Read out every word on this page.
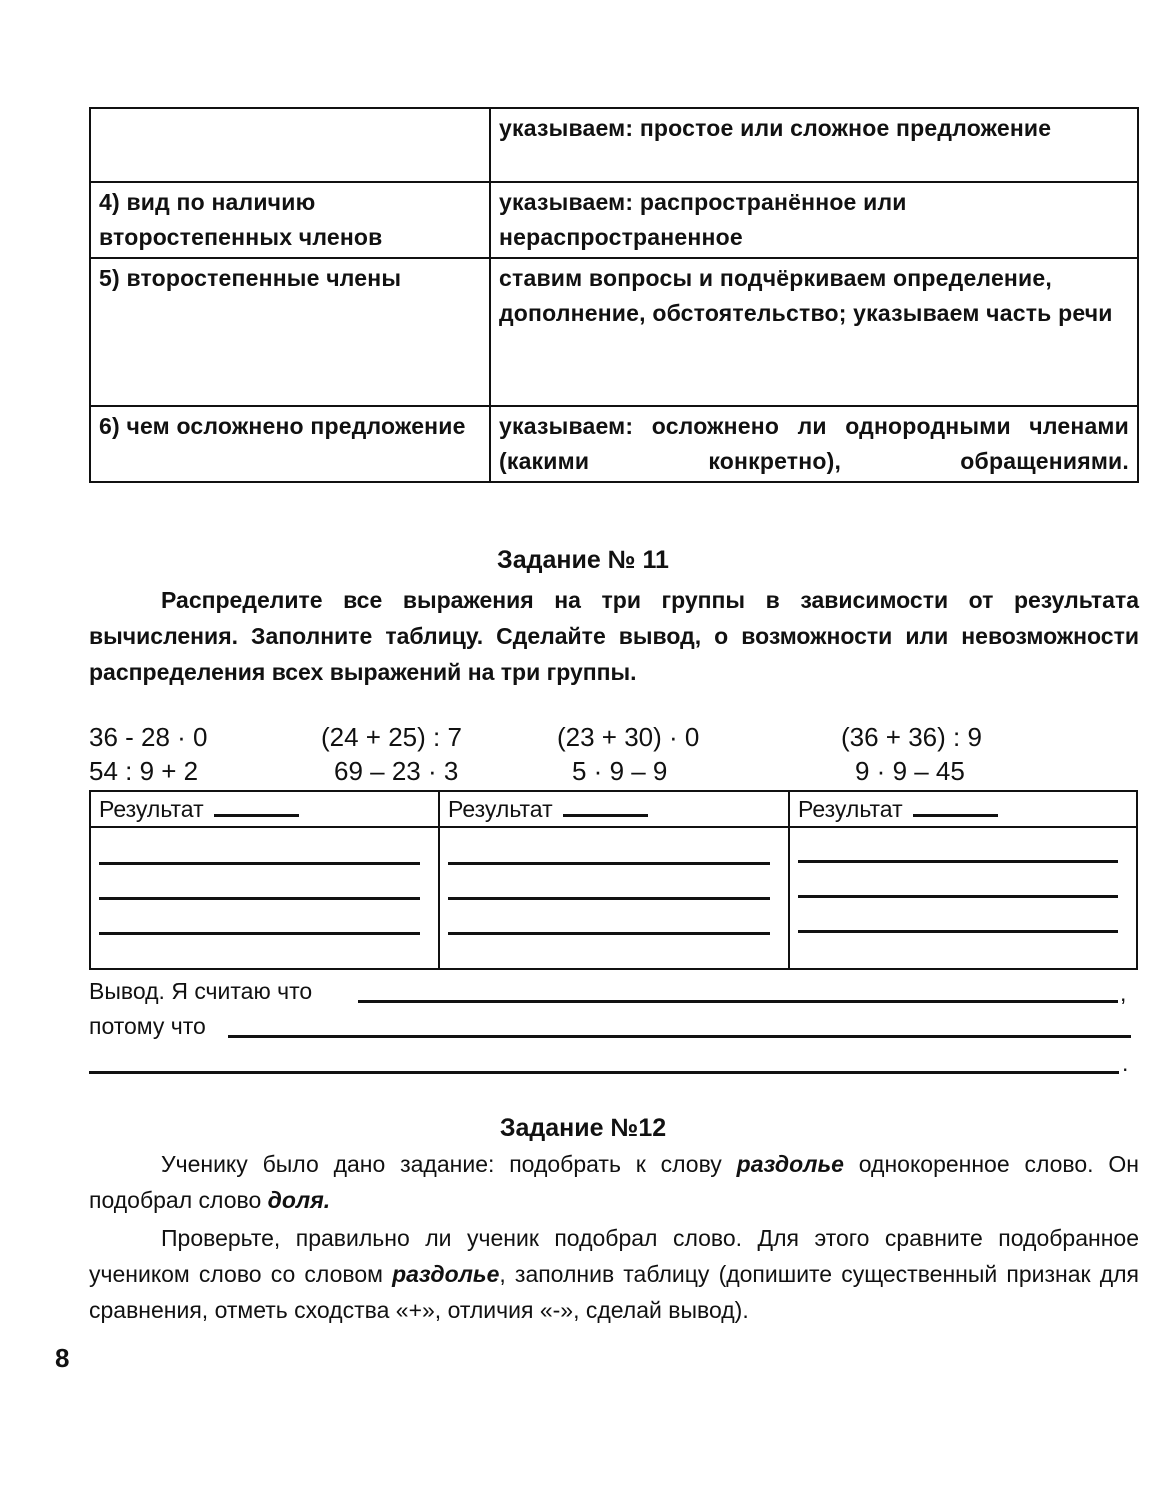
	указываем: простое или сложное предложение
4) вид по наличию второстепенных членов	указываем: распространённое или нераспространенное
5) второстепенные члены	ставим вопросы и подчёркиваем определение, дополнение, обстоятельство; указываем часть речи
6) чем осложнено предложение	указываем: осложнено ли однородными членами (какими конкретно), обращениями.
Задание № 11
Распределите все выражения на три группы в зависимости от результата вычисления. Заполните таблицу. Сделайте вывод, о возможности или невозможности распределения всех выражений на три группы.
36 - 28 · 0	(24 + 25) : 7	(23 + 30) · 0	(36 + 36) : 9
54 : 9 + 2	69 – 23 · 3	5 · 9 – 9	9 · 9 – 45
Результат	Результат	Результат
Вывод. Я считаю что	,
потому что
.
Задание №12
Ученику было дано задание: подобрать к слову раздолье однокоренное слово. Он подобрал слово доля.
Проверьте, правильно ли ученик подобрал слово. Для этого сравните подобранное учеником слово со словом раздолье, заполнив таблицу (допишите существенный признак для сравнения, отметь сходства «+», отличия «-», сделай вывод).
8
